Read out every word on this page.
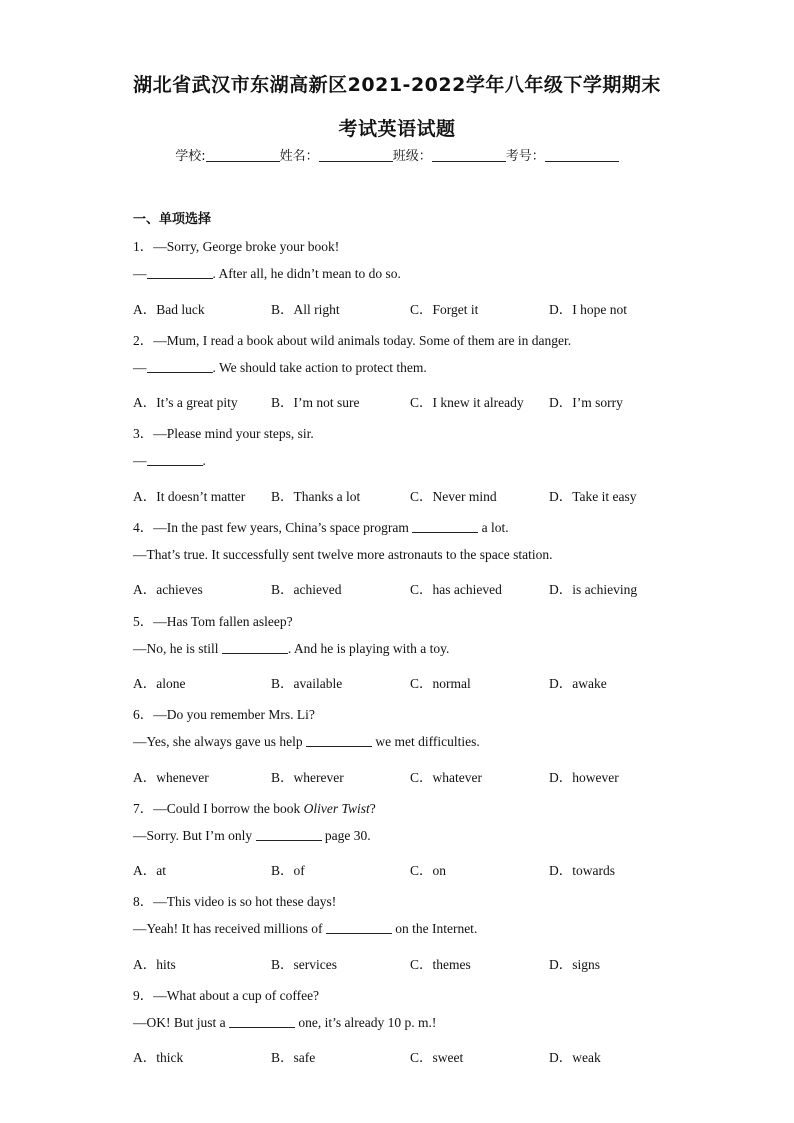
湖北省武汉市东湖高新区2021-2022学年八年级下学期期末
考试英语试题
学校:	姓名：	班级：	考号：
一、单项选择
1．—Sorry, George broke your book!
—	. After all, he didn’t mean to do so.
A．Bad luck	B．All right	C．Forget it	D．I hope not
2．—Mum, I read a book about wild animals today. Some of them are in danger.
—	. We should take action to protect them.
A．It’s a great pity B．I’m not sure	C．I knew it already D．I’m sorry
3．—Please mind your steps, sir.
—	.
A．It doesn’t matter B．Thanks a lot	C．Never mind	D．Take it easy
4．—In the past few years, China’s space program	a lot.
—That’s true. It successfully sent twelve more astronauts to the space station.
A．achieves	B．achieved	C．has achieved	D．is achieving
5．—Has Tom fallen asleep?
—No, he is still	. And he is playing with a toy.
A．alone	B．available	C．normal	D．awake
6．—Do you remember Mrs. Li?
—Yes, she always gave us help	we met difficulties.
A．whenever	B．wherever	C．whatever	D．however
7．—Could I borrow the book Oliver Twist?
—Sorry. But I’m only	page 30.
A．at	B．of	C．on	D．towards
8．—This video is so hot these days!
—Yeah! It has received millions of	on the Internet.
A．hits	B．services	C．themes	D．signs
9．—What about a cup of coffee?
—OK! But just a	one, it’s already 10 p. m.!
A．thick	B．safe	C．sweet	D．weak
